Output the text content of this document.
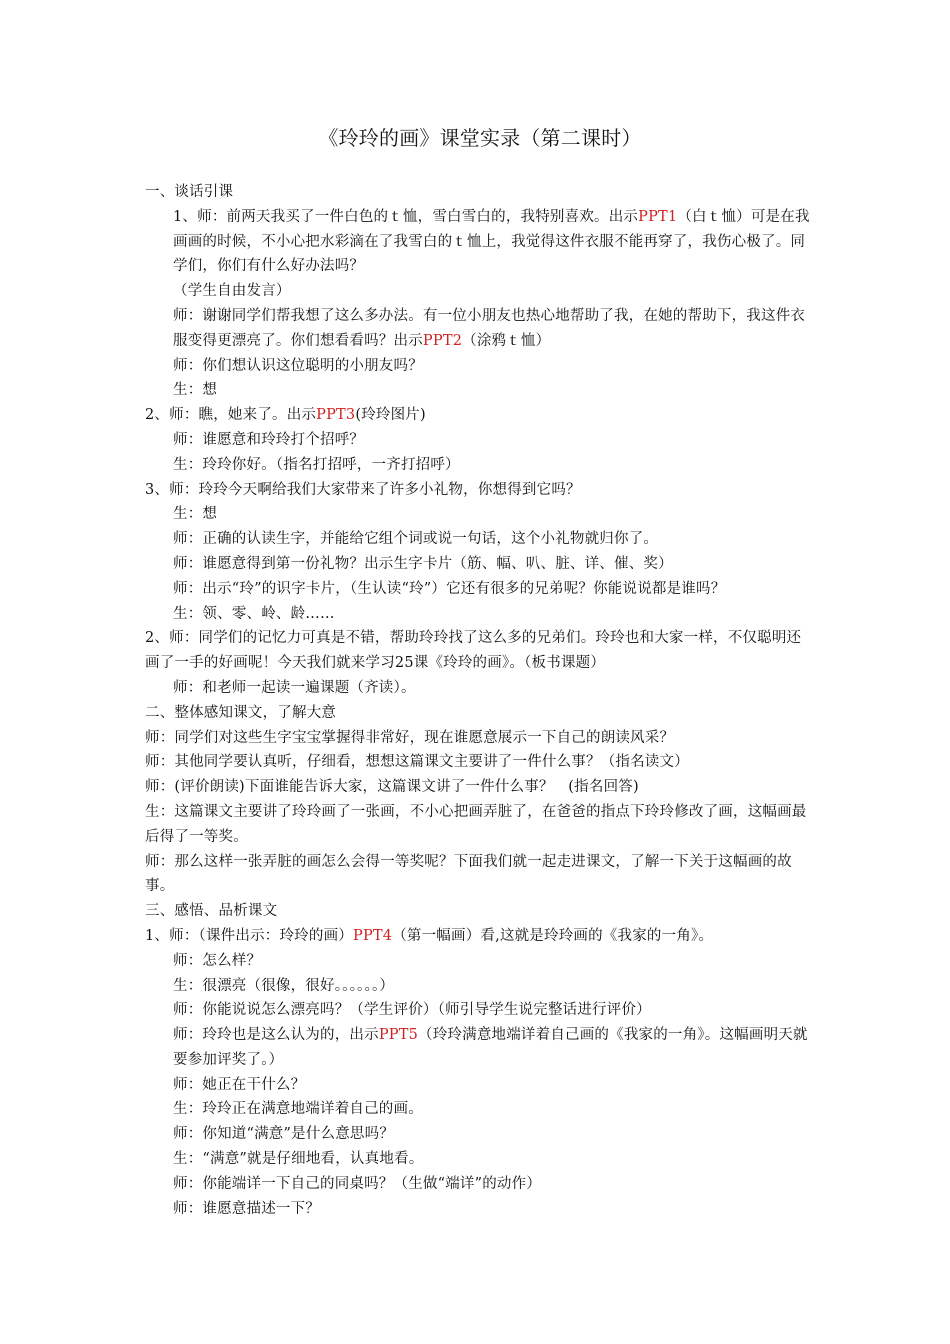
《玲玲的画》课堂实录（第二课时）

一、谈话引课

1、师：前两天我买了一件白色的ｔ恤，雪白雪白的，我特别喜欢。出示PPT1（白ｔ恤）可是在我画画的时候，不小心把水彩滴在了我雪白的ｔ恤上，我觉得这件衣服不能再穿了，我伤心极了。同学们，你们有什么好办法吗？

（学生自由发言）

师：谢谢同学们帮我想了这么多办法。有一位小朋友也热心地帮助了我，在她的帮助下，我这件衣服变得更漂亮了。你们想看看吗？出示PPT2（涂鸦ｔ恤）

师：你们想认识这位聪明的小朋友吗？

生：想

2、师：瞧，她来了。出示PPT3(玲玲图片)

师：谁愿意和玲玲打个招呼？

生：玲玲你好。（指名打招呼，一齐打招呼）

3、师：玲玲今天啊给我们大家带来了许多小礼物，你想得到它吗？

生：想

师：正确的认读生字，并能给它组个词或说一句话，这个小礼物就归你了。

师：谁愿意得到第一份礼物？出示生字卡片（筋、幅、叭、脏、详、催、奖）

师：出示“玲”的识字卡片，（生认读“玲”）它还有很多的兄弟呢？你能说说都是谁吗？

生：领、零、岭、龄……

2、师：同学们的记忆力可真是不错，帮助玲玲找了这么多的兄弟们。玲玲也和大家一样，不仅聪明还画了一手的好画呢！今天我们就来学习25课《玲玲的画》。（板书课题）

师：和老师一起读一遍课题（齐读）。

二、整体感知课文，了解大意

师：同学们对这些生字宝宝掌握得非常好，现在谁愿意展示一下自己的朗读风采？

师：其他同学要认真听，仔细看，想想这篇课文主要讲了一件什么事？（指名读文）

师：(评价朗读)下面谁能告诉大家，这篇课文讲了一件什么事？　(指名回答)

生：这篇课文主要讲了玲玲画了一张画，不小心把画弄脏了，在爸爸的指点下玲玲修改了画，这幅画最后得了一等奖。

师：那么这样一张弄脏的画怎么会得一等奖呢？下面我们就一起走进课文，了解一下关于这幅画的故事。

三、感悟、品析课文

1、师：（课件出示：玲玲的画）PPT4（第一幅画）看,这就是玲玲画的《我家的一角》。

师：怎么样？

生：很漂亮（很像，很好。。。。。。）

师：你能说说怎么漂亮吗？（学生评价）（师引导学生说完整话进行评价）

师：玲玲也是这么认为的，出示PPT5（玲玲满意地端详着自己画的《我家的一角》。这幅画明天就要参加评奖了。）

师：她正在干什么？

生：玲玲正在满意地端详着自己的画。

师：你知道“满意”是什么意思吗？

生：“满意”就是仔细地看，认真地看。

师：你能端详一下自己的同桌吗？（生做“端详”的动作）

师：谁愿意描述一下？
